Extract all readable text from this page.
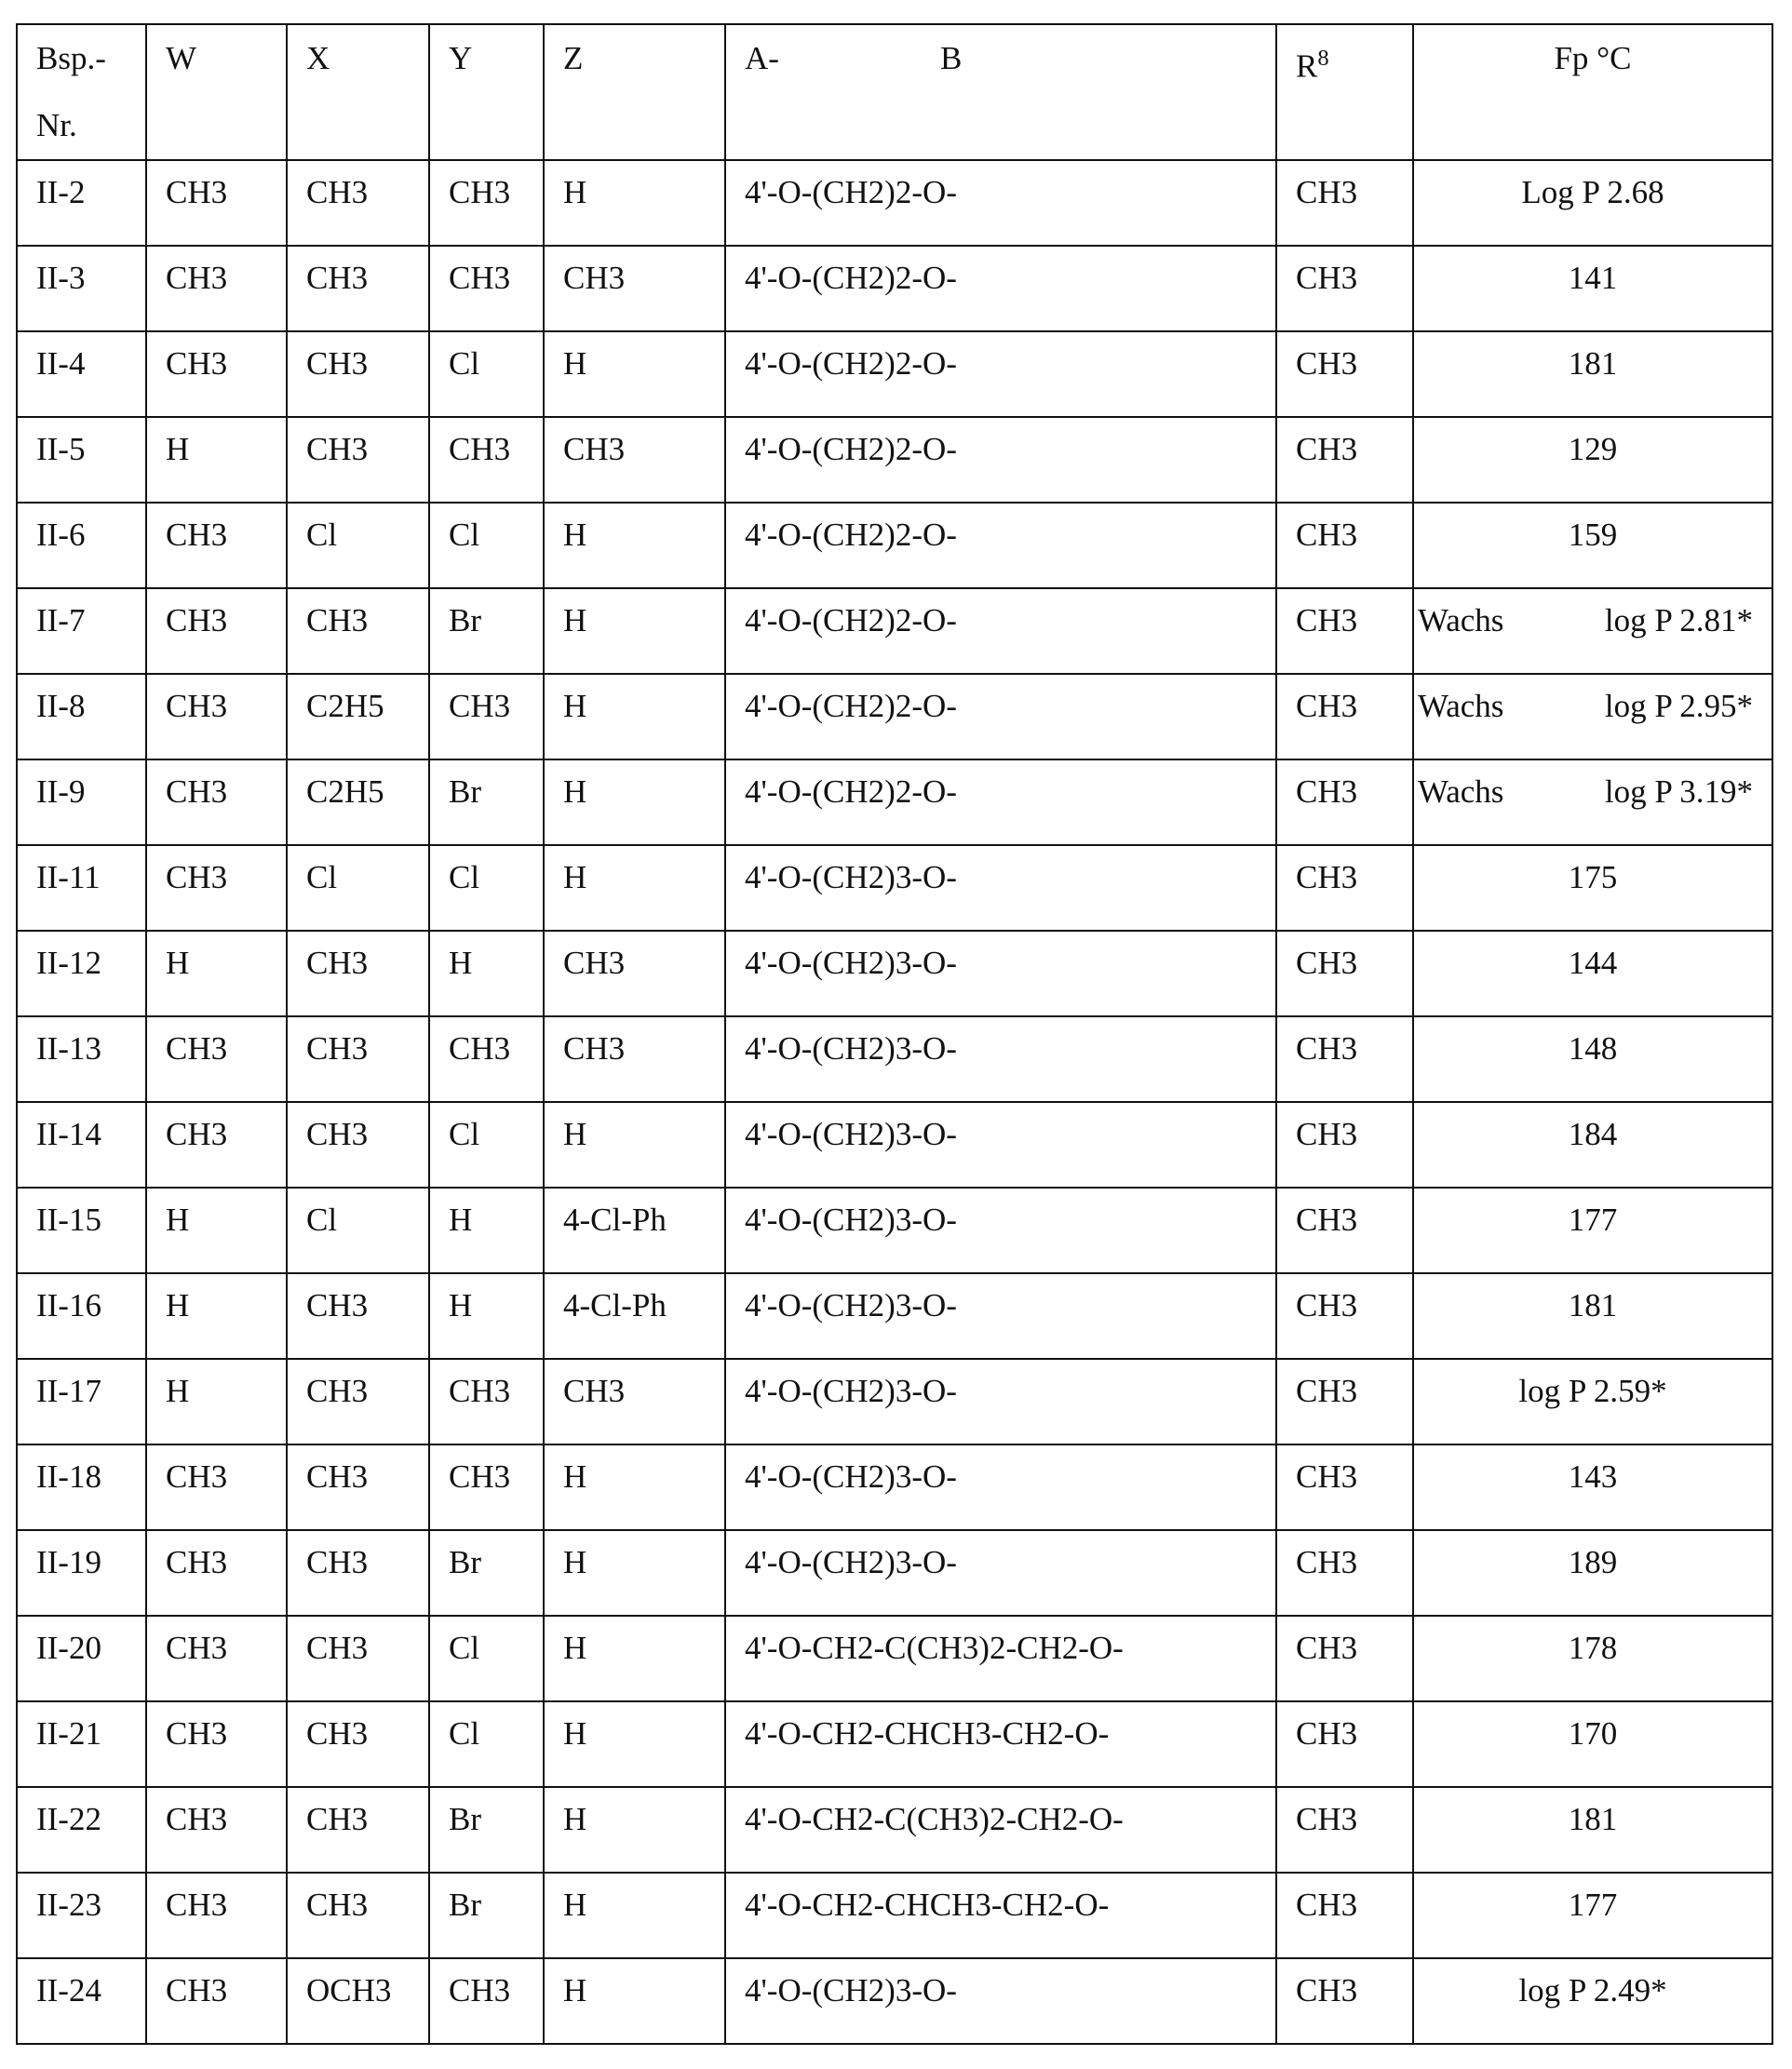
Bsp.-
Nr.	W	X	Y	Z	A-	B	R8	Fp °C
II-2	CH3	CH3	CH3	H	4'-O-(CH2)2-O-	CH3	Log P 2.68
II-3	CH3	CH3	CH3	CH3	4'-O-(CH2)2-O-	CH3	141
II-4	CH3	CH3	Cl	H	4'-O-(CH2)2-O-	CH3	181
II-5	H	CH3	CH3	CH3	4'-O-(CH2)2-O-	CH3	129
II-6	CH3	Cl	Cl	H	4'-O-(CH2)2-O-	CH3	159
II-7	CH3	CH3	Br	H	4'-O-(CH2)2-O-	CH3	Wachs	log P 2.81*

II-8	CH3	C2H5	CH3	H	4'-O-(CH2)2-O-	CH3	Wachs	log P 2.95*

II-9	CH3	C2H5	Br	H	4'-O-(CH2)2-O-	CH3	Wachs	log P 3.19*

II-11	CH3	Cl	Cl	H	4'-O-(CH2)3-O-	CH3	175
II-12	H	CH3	H	CH3	4'-O-(CH2)3-O-	CH3	144
II-13	CH3	CH3	CH3	CH3	4'-O-(CH2)3-O-	CH3	148
II-14	CH3	CH3	Cl	H	4'-O-(CH2)3-O-	CH3	184
II-15	H	Cl	H	4-Cl-Ph	4'-O-(CH2)3-O-	CH3	177
II-16	H	CH3	H	4-Cl-Ph	4'-O-(CH2)3-O-	CH3	181
II-17	H	CH3	CH3	CH3	4'-O-(CH2)3-O-	CH3	log P 2.59*
II-18	CH3	CH3	CH3	H	4'-O-(CH2)3-O-	CH3	143
II-19	CH3	CH3	Br	H	4'-O-(CH2)3-O-	CH3	189
II-20	CH3	CH3	Cl	H	4'-O-CH2-C(CH3)2-CH2-O-	CH3	178
II-21	CH3	CH3	Cl	H	4'-O-CH2-CHCH3-CH2-O-	CH3	170
II-22	CH3	CH3	Br	H	4'-O-CH2-C(CH3)2-CH2-O-	CH3	181
II-23	CH3	CH3	Br	H	4'-O-CH2-CHCH3-CH2-O-	CH3	177
II-24	CH3	OCH3	CH3	H	4'-O-(CH2)3-O-	CH3	log P 2.49*
